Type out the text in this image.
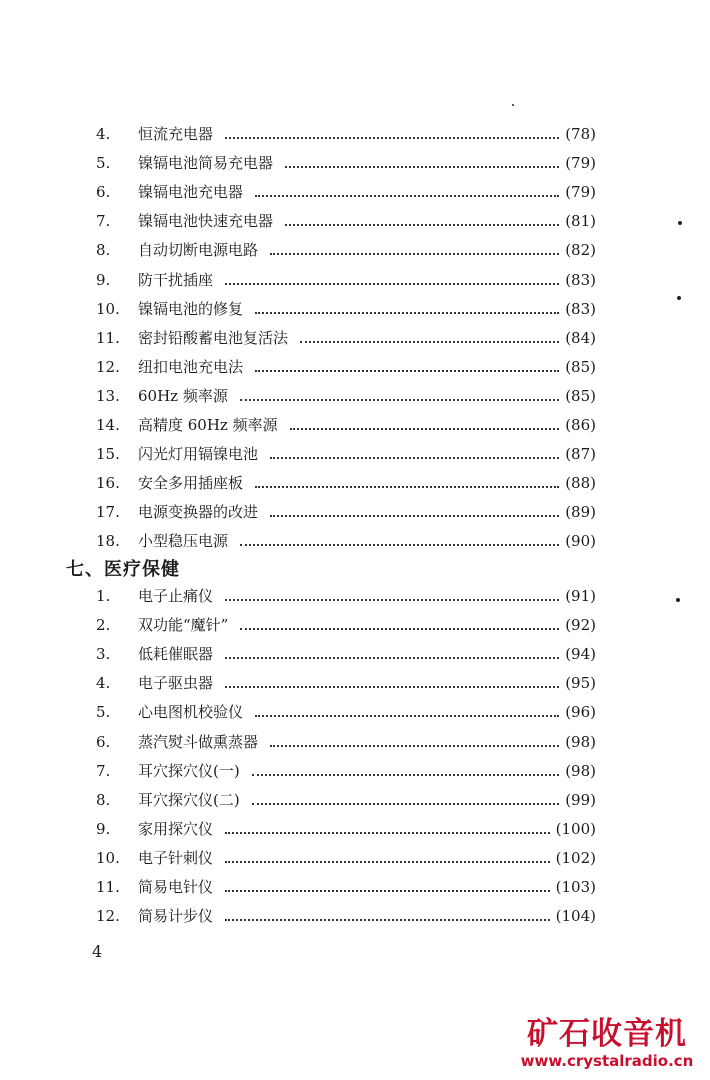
4.	恒流充电器	(78)
5.	镍镉电池简易充电器	(79)
6.	镍镉电池充电器	(79)
7.	镍镉电池快速充电器	(81)
8.	自动切断电源电路	(82)
9.	防干扰插座	(83)
10.	镍镉电池的修复	(83)
11.	密封铅酸蓄电池复活法	(84)
12.	纽扣电池充电法	(85)
13.	60Hz 频率源	(85)
14.	高精度 60Hz 频率源	(86)
15.	闪光灯用镉镍电池	(87)
16.	安全多用插座板	(88)
17.	电源变换器的改进	(89)
18.	小型稳压电源	(90)
1.	电子止痛仪	(91)
2.	双功能“魔针”	(92)
3.	低耗催眠器	(94)
4.	电子驱虫器	(95)
5.	心电图机校验仪	(96)
6.	蒸汽熨斗做熏蒸器	(98)
7.	耳穴探穴仪(一)	(98)
8.	耳穴探穴仪(二)	(99)
9.	家用探穴仪	(100)
10.	电子针刺仪	(102)
11.	简易电针仪	(103)
12.	简易计步仪	(104)
七、医疗保健
4
矿石收音机
www.crystalradio.cn
